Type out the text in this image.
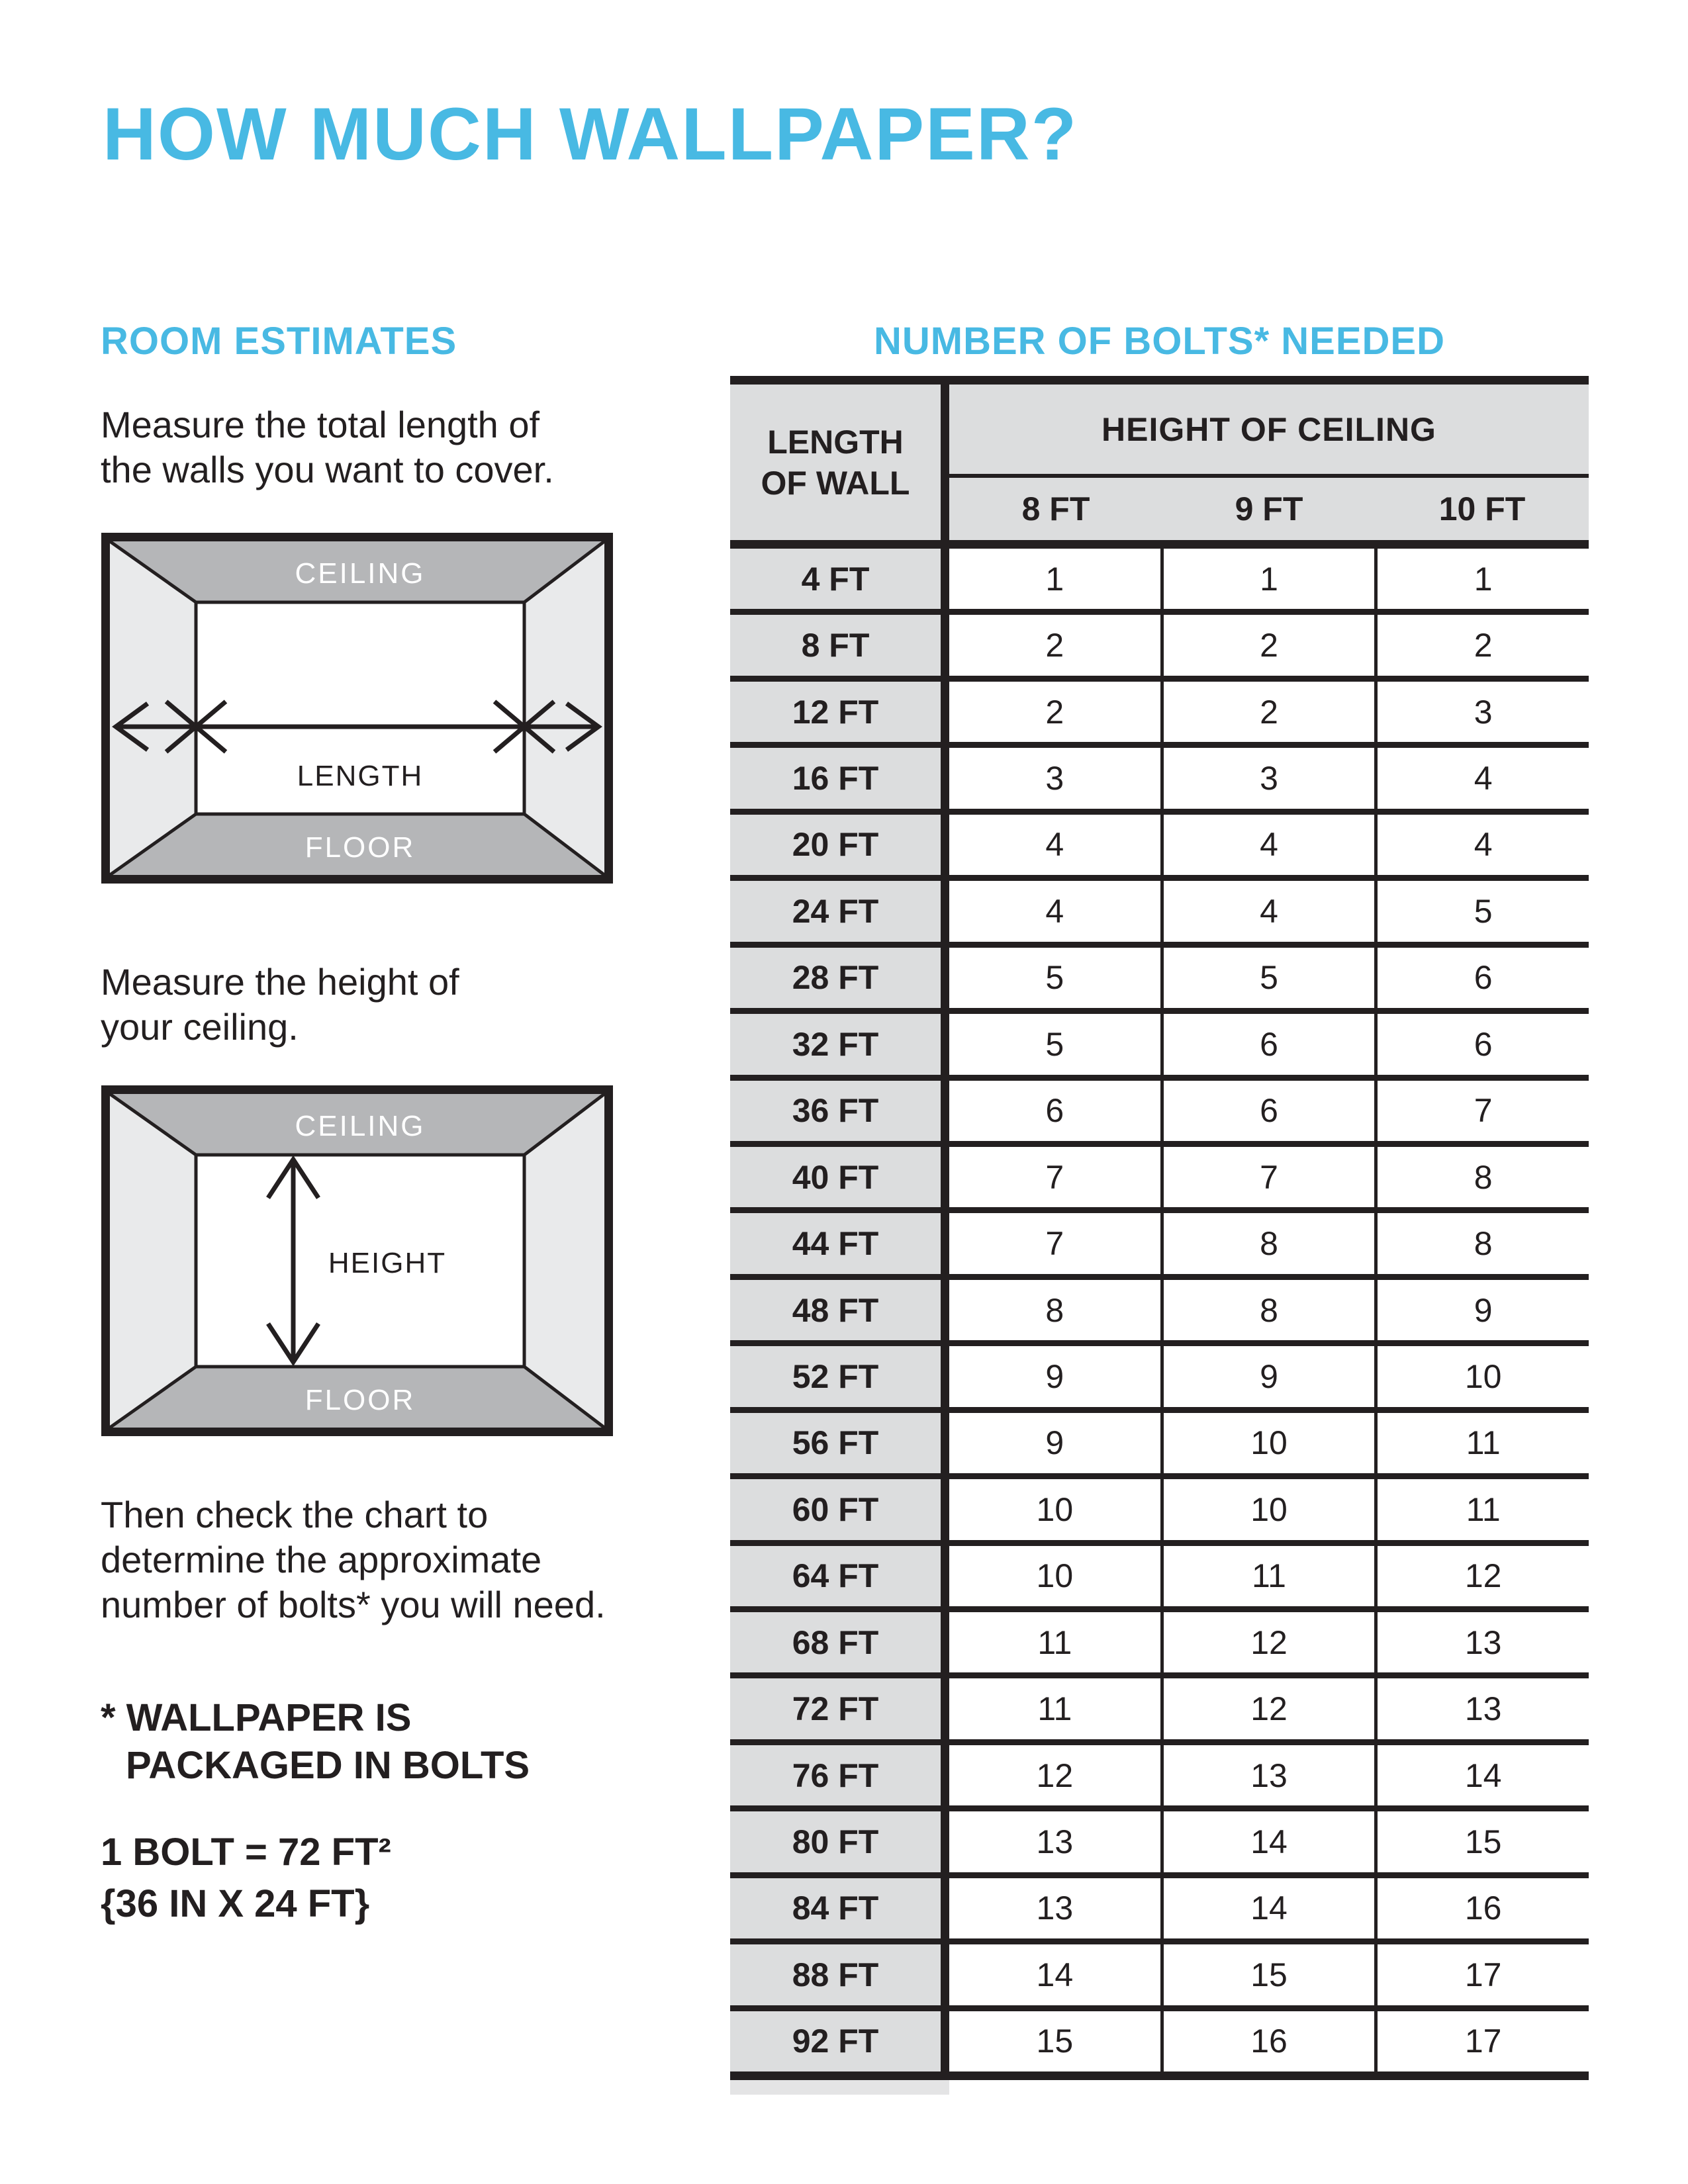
HOW MUCH WALLPAPER?
ROOM ESTIMATES
Measure the total length of
the walls you want to cover.
CEILING
FLOOR
LENGTH
Measure the height of
your ceiling.
CEILING
FLOOR
HEIGHT
Then check the chart to
determine the approximate
number of bolts* you will need.
* WALLPAPER IS
PACKAGED IN BOLTS
1 BOLT = 72 FT²
{36 IN X 24 FT}
NUMBER OF BOLTS* NEEDED
LENGTH
OF WALL
HEIGHT OF CEILING
8 FT	9 FT	10 FT
4 FT	1	1	1
8 FT	2	2	2
12 FT	2	2	3
16 FT	3	3	4
20 FT	4	4	4
24 FT	4	4	5
28 FT	5	5	6
32 FT	5	6	6
36 FT	6	6	7
40 FT	7	7	8
44 FT	7	8	8
48 FT	8	8	9
52 FT	9	9	10
56 FT	9	10	11
60 FT	10	10	11
64 FT	10	11	12
68 FT	11	12	13
72 FT	11	12	13
76 FT	12	13	14
80 FT	13	14	15
84 FT	13	14	16
88 FT	14	15	17
92 FT	15	16	17
